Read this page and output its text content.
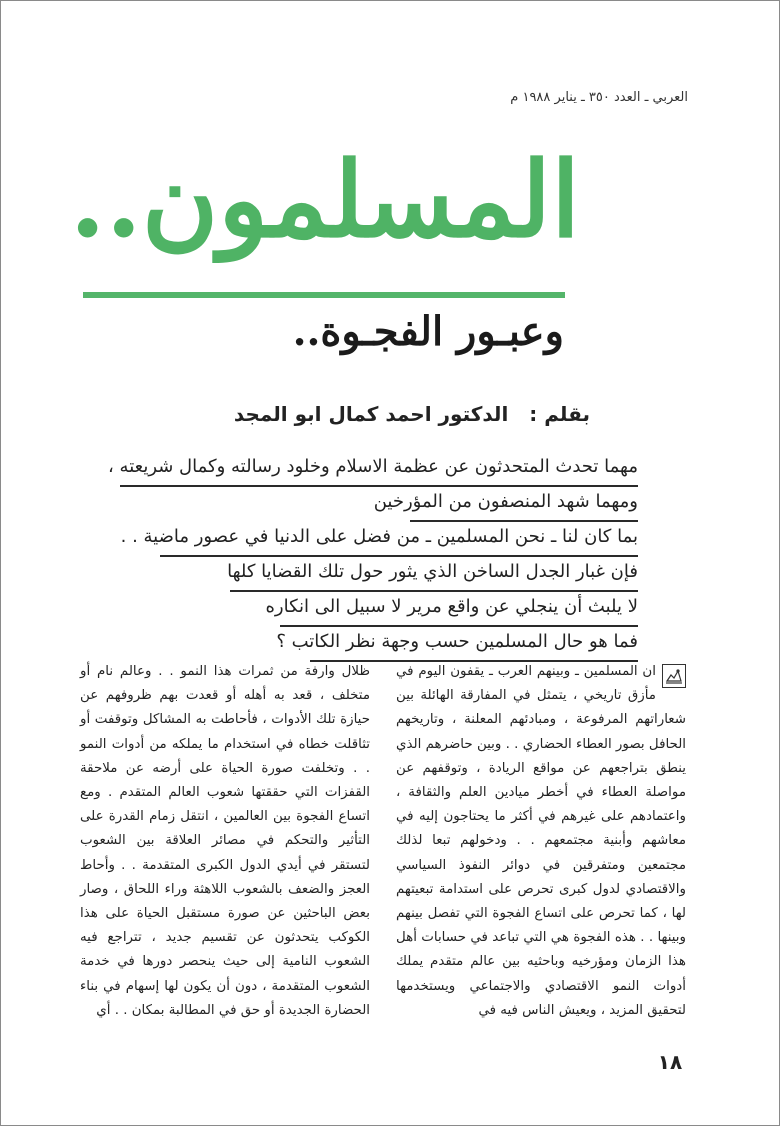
العربي ـ العدد ٣٥٠ ـ يناير ١٩٨٨ م
المسلمون..
وعبـور الفجـوة..
بقلم : الدكتور احمد كمال ابو المجد
مهما تحدث المتحدثون عن عظمة الاسلام وخلود رسالته وكمال شريعته ،
ومهما شهد المنصفون من المؤرخين
بما كان لنا ـ نحن المسلمين ـ من فضل على الدنيا في عصور ماضية . .
فإن غبار الجدل الساخن الذي يثور حول تلك القضايا كلها
لا يلبث أن ينجلي عن واقع مرير لا سبيل الى انكاره
فما هو حال المسلمين حسب وجهة نظر الكاتب ؟

ان المسلمين ـ وبينهم العرب ـ يقفون اليوم في مأزق تاريخي ، يتمثل في المفارقة الهائلة بين شعاراتهم المرفوعة ، ومبادئهم المعلنة ، وتاريخهم الحافل بصور العطاء الحضاري . . وبين حاضرهم الذي ينطق بتراجعهم عن مواقع الريادة ، وتوقفهم عن مواصلة العطاء في أخطر ميادين العلم والثقافة ، واعتمادهم على غيرهم في أكثر ما يحتاجون إليه في معاشهم وأبنية مجتمعهم . . ودخولهم تبعا لذلك مجتمعين ومتفرقين في دوائر النفوذ السياسي والاقتصادي لدول كبرى تحرص على استدامة تبعيتهم لها ، كما تحرص على اتساع الفجوة التي تفصل بينهم وبينها . . هذه الفجوة هي التي تباعد في حسابات أهل هذا الزمان ومؤرخيه وباحثيه بين عالم متقدم يملك أدوات النمو الاقتصادي والاجتماعي ويستخدمها لتحقيق المزيد ، ويعيش الناس فيه في

ظلال وارفة من ثمرات هذا النمو . . وعالم نام أو متخلف ، قعد به أهله أو قعدت بهم ظروفهم عن حيازة تلك الأدوات ، فأحاطت به المشاكل وتوقفت أو تثاقلت خطاه في استخدام ما يملكه من أدوات النمو . . وتخلفت صورة الحياة على أرضه عن ملاحقة القفزات التي حققتها شعوب العالم المتقدم . ومع اتساع الفجوة بين العالمين ، انتقل زمام القدرة على التأثير والتحكم في مصائر العلاقة بين الشعوب لتستقر في أيدي الدول الكبرى المتقدمة . . وأحاط العجز والضعف بالشعوب اللاهثة وراء اللحاق ، وصار بعض الباحثين عن صورة مستقبل الحياة على هذا الكوكب يتحدثون عن تقسيم جديد ، تتراجع فيه الشعوب النامية إلى حيث ينحصر دورها في خدمة الشعوب المتقدمة ، دون أن يكون لها إسهام في بناء الحضارة الجديدة أو حق في المطالبة بمكان . . أي

١٨
